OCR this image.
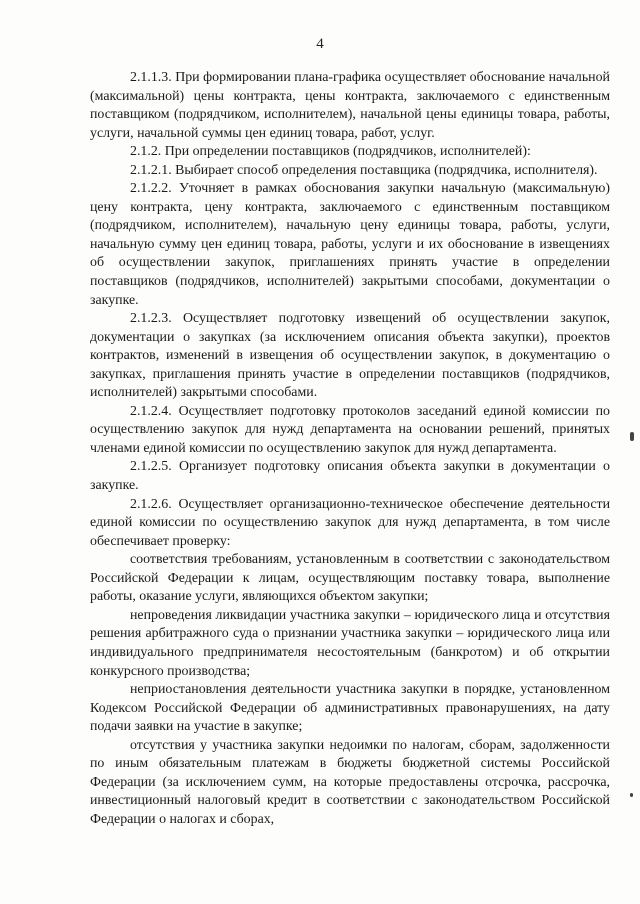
4

2.1.1.3. При формировании плана-графика осуществляет обоснование начальной (максимальной) цены контракта, цены контракта, заключаемого с единственным поставщиком (подрядчиком, исполнителем), начальной цены единицы товара, работы, услуги, начальной суммы цен единиц товара, работ, услуг.

2.1.2. При определении поставщиков (подрядчиков, исполнителей):

2.1.2.1. Выбирает способ определения поставщика (подрядчика, исполнителя).

2.1.2.2. Уточняет в рамках обоснования закупки начальную (максимальную) цену контракта, цену контракта, заключаемого с единственным поставщиком (подрядчиком, исполнителем), начальную цену единицы товара, работы, услуги, начальную сумму цен единиц товара, работы, услуги и их обоснование в извещениях об осуществлении закупок, приглашениях принять участие в определении поставщиков (подрядчиков, исполнителей) закрытыми способами, документации о закупке.

2.1.2.3. Осуществляет подготовку извещений об осуществлении закупок, документации о закупках (за исключением описания объекта закупки), проектов контрактов, изменений в извещения об осуществлении закупок, в документацию о закупках, приглашения принять участие в определении поставщиков (подрядчиков, исполнителей) закрытыми способами.

2.1.2.4. Осуществляет подготовку протоколов заседаний единой комиссии по осуществлению закупок для нужд департамента на основании решений, принятых членами единой комиссии по осуществлению закупок для нужд департамента.

2.1.2.5. Организует подготовку описания объекта закупки в документации о закупке.

2.1.2.6. Осуществляет организационно-техническое обеспечение деятельности единой комиссии по осуществлению закупок для нужд департамента, в том числе обеспечивает проверку:

соответствия требованиям, установленным в соответствии с законодательством Российской Федерации к лицам, осуществляющим поставку товара, выполнение работы, оказание услуги, являющихся объектом закупки;

непроведения ликвидации участника закупки – юридического лица и отсутствия решения арбитражного суда о признании участника закупки – юридического лица или индивидуального предпринимателя несостоятельным (банкротом) и об открытии конкурсного производства;

неприостановления деятельности участника закупки в порядке, установленном Кодексом Российской Федерации об административных правонарушениях, на дату подачи заявки на участие в закупке;

отсутствия у участника закупки недоимки по налогам, сборам, задолженности по иным обязательным платежам в бюджеты бюджетной системы Российской Федерации (за исключением сумм, на которые предоставлены отсрочка, рассрочка, инвестиционный налоговый кредит в соответствии с законодательством Российской Федерации о налогах и сборах,
